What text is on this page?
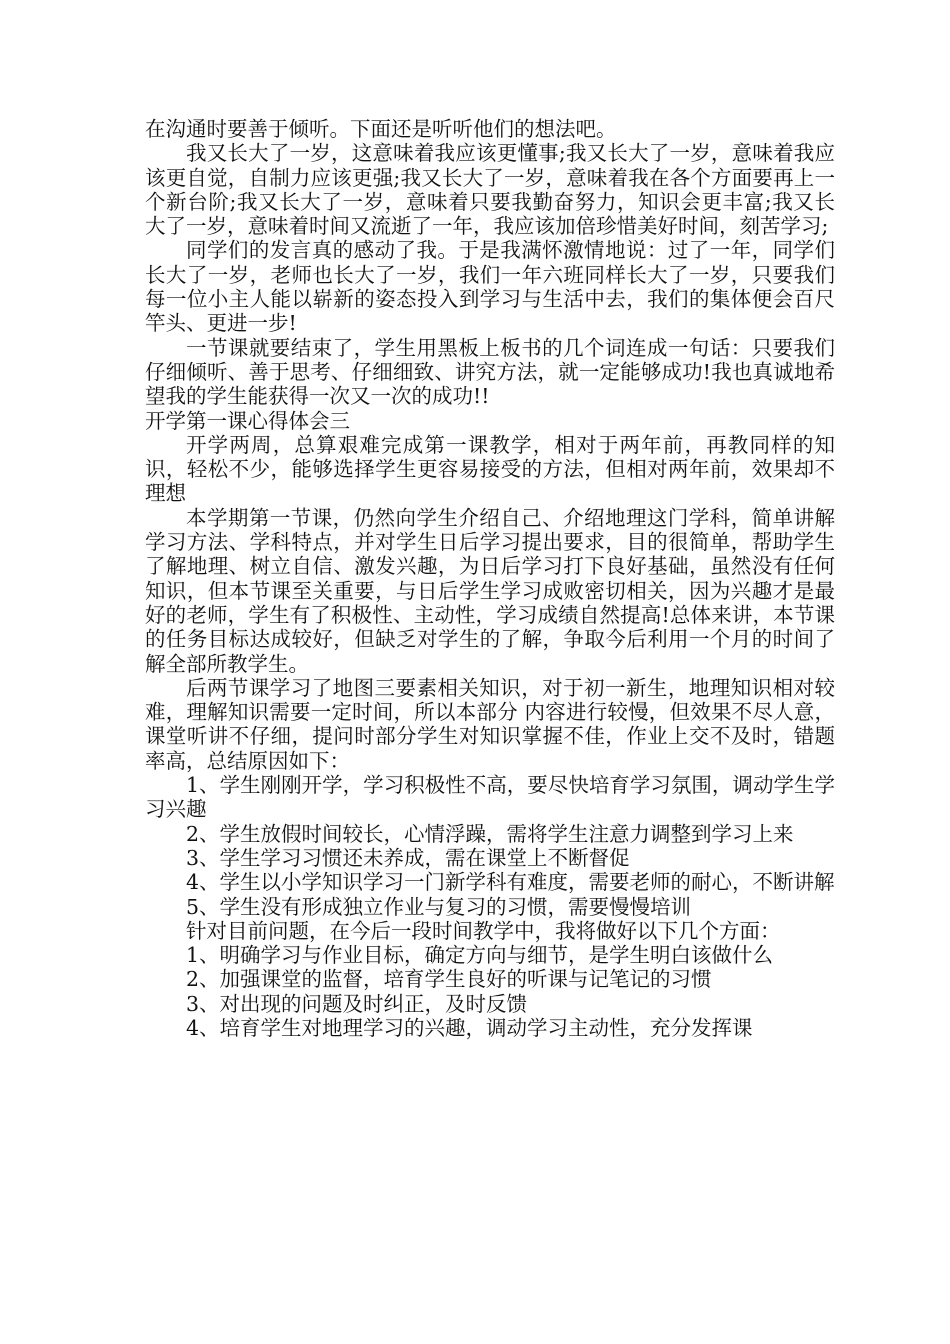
在沟通时要善于倾听。下面还是听听他们的想法吧。

我又长大了一岁，这意味着我应该更懂事;我又长大了一岁，意味着我应该更自觉，自制力应该更强;我又长大了一岁，意味着我在各个方面要再上一个新台阶;我又长大了一岁，意味着只要我勤奋努力，知识会更丰富;我又长大了一岁，意味着时间又流逝了一年，我应该加倍珍惜美好时间，刻苦学习;

同学们的发言真的感动了我。于是我满怀激情地说：过了一年，同学们长大了一岁，老师也长大了一岁，我们一年六班同样长大了一岁，只要我们每一位小主人能以崭新的姿态投入到学习与生活中去，我们的集体便会百尺竿头、更进一步!

一节课就要结束了，学生用黑板上板书的几个词连成一句话：只要我们仔细倾听、善于思考、仔细细致、讲究方法，就一定能够成功!我也真诚地希望我的学生能获得一次又一次的成功!!

开学第一课心得体会三

开学两周，总算艰难完成第一课教学，相对于两年前，再教同样的知识，轻松不少，能够选择学生更容易接受的方法，但相对两年前，效果却不理想

本学期第一节课，仍然向学生介绍自己、介绍地理这门学科，简单讲解学习方法、学科特点，并对学生日后学习提出要求，目的很简单，帮助学生了解地理、树立自信、激发兴趣，为日后学习打下良好基础，虽然没有任何知识，但本节课至关重要，与日后学生学习成败密切相关，因为兴趣才是最好的老师，学生有了积极性、主动性，学习成绩自然提高!总体来讲，本节课的任务目标达成较好，但缺乏对学生的了解，争取今后利用一个月的时间了解全部所教学生。

后两节课学习了地图三要素相关知识，对于初一新生，地理知识相对较难，理解知识需要一定时间，所以本部分 内容进行较慢，但效果不尽人意，课堂听讲不仔细，提问时部分学生对知识掌握不佳，作业上交不及时，错题率高，总结原因如下：

1、学生刚刚开学，学习积极性不高，要尽快培育学习氛围，调动学生学习兴趣

2、学生放假时间较长，心情浮躁，需将学生注意力调整到学习上来

3、学生学习习惯还未养成，需在课堂上不断督促

4、学生以小学知识学习一门新学科有难度，需要老师的耐心，不断讲解

5、学生没有形成独立作业与复习的习惯，需要慢慢培训

针对目前问题，在今后一段时间教学中，我将做好以下几个方面：

1、明确学习与作业目标，确定方向与细节，是学生明白该做什么

2、加强课堂的监督，培育学生良好的听课与记笔记的习惯

3、对出现的问题及时纠正，及时反馈

4、培育学生对地理学习的兴趣，调动学习主动性，充分发挥课
